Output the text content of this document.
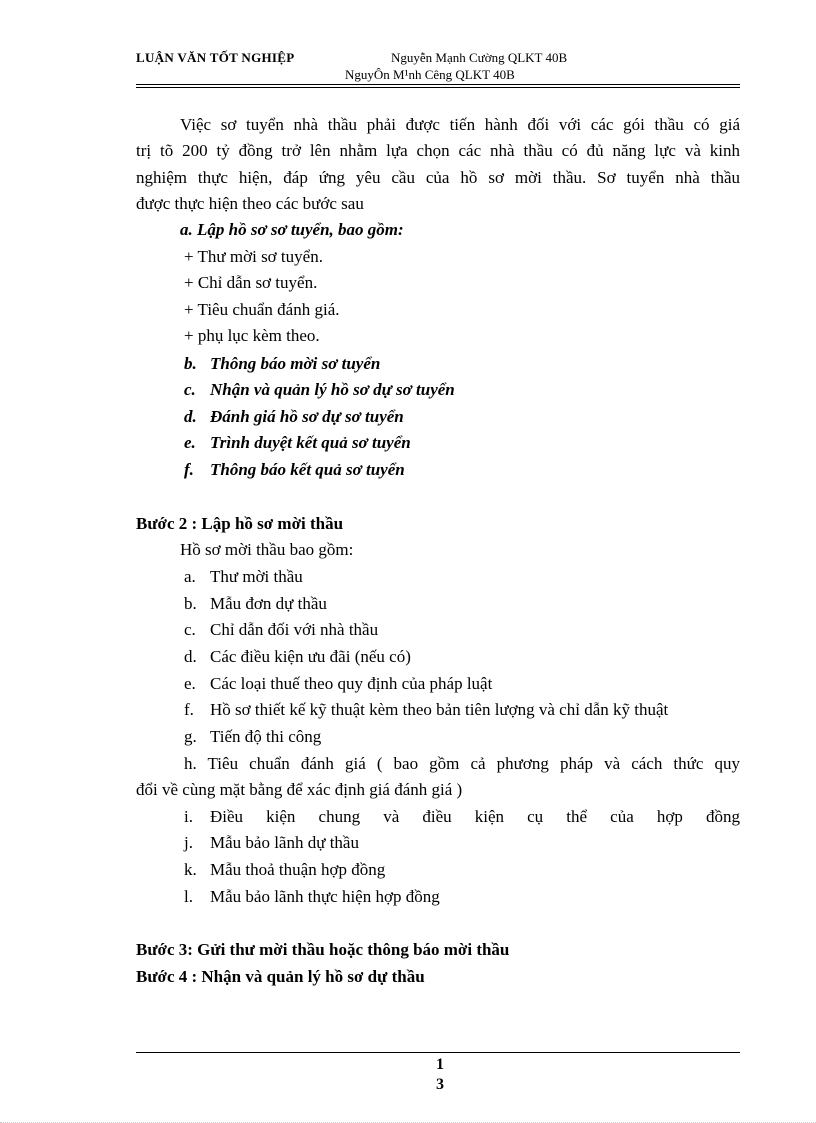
LUẬN VĂN TỐT NGHIỆP	Nguyễn Mạnh Cường QLKT 40B
NguyÔn M¹nh Cêng QLKT 40B
Việc sơ tuyển nhà thầu phải được tiến hành đối với các gói thầu có giá
trị tõ 200 tỷ đồng trở lên nhằm lựa chọn các nhà thầu có đủ năng lực và kinh
nghiệm thực hiện, đáp ứng yêu cầu của hồ sơ mời thầu. Sơ tuyển nhà thầu
được thực hiện theo các bước sau
a. Lập hồ sơ sơ tuyển, bao gồm:
+ Thư mời sơ tuyển.
+ Chỉ dẫn sơ tuyển.
+ Tiêu chuẩn đánh giá.
+ phụ lục kèm theo.
b. Thông báo mời sơ tuyển
c. Nhận và quản lý hồ sơ dự sơ tuyển
d. Đánh giá hồ sơ dự sơ tuyển
e. Trình duyệt kết quả sơ tuyển
f. Thông báo kết quả sơ tuyển
Bước 2 : Lập hồ sơ mời thầu
Hồ sơ mời thầu bao gồm:
a. Thư mời thầu
b. Mẫu đơn dự thầu
c. Chỉ dẫn đối với nhà thầu
d. Các điều kiện ưu đãi (nếu có)
e. Các loại thuế theo quy định của pháp luật
f. Hồ sơ thiết kế kỹ thuật kèm theo bản tiên lượng và chỉ dẫn kỹ thuật
g. Tiến độ thi công
h. Tiêu chuẩn đánh giá ( bao gồm cả phương pháp và cách thức quy
đổi về cùng mặt bằng để xác định giá đánh giá )
i. Điều kiện chung và điều kiện cụ thể của hợp đồng
j. Mẫu bảo lãnh dự thầu
k. Mẫu thoả thuận hợp đồng
l. Mẫu bảo lãnh thực hiện hợp đồng
Bước 3: Gửi thư mời thầu hoặc thông báo mời thầu
Bước 4 : Nhận và quản lý hồ sơ dự thầu
1
3
